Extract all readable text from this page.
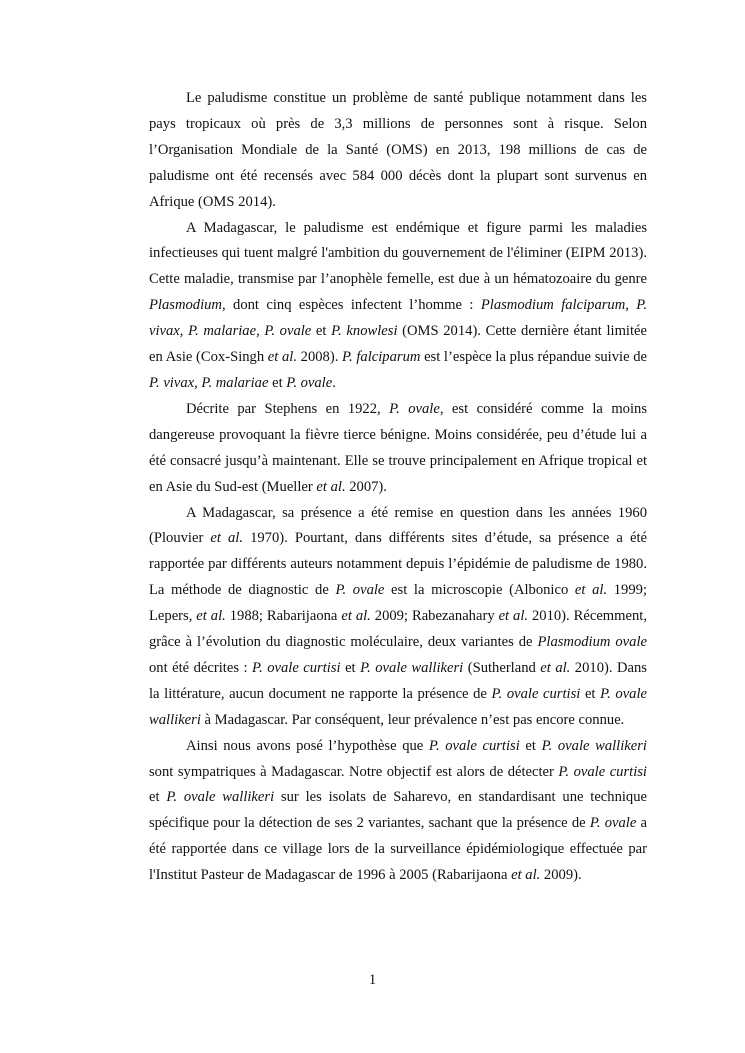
Le paludisme constitue un problème de santé publique notamment dans les pays tropicaux où près de 3,3 millions de personnes sont à risque. Selon l’Organisation Mondiale de la Santé (OMS) en 2013, 198 millions de cas de paludisme ont été recensés avec 584 000 décès dont la plupart sont survenus en Afrique (OMS 2014).

A Madagascar, le paludisme est endémique et figure parmi les maladies infectieuses qui tuent malgré l'ambition du gouvernement de l'éliminer (EIPM 2013). Cette maladie, transmise par l’anophèle femelle, est due à un hématozoaire du genre Plasmodium, dont cinq espèces infectent l’homme : Plasmodium falciparum, P. vivax, P. malariae, P. ovale et P. knowlesi (OMS 2014). Cette dernière étant limitée en Asie (Cox-Singh et al. 2008). P. falciparum est l’espèce la plus répandue suivie de P. vivax, P. malariae et P. ovale.

Décrite par Stephens en 1922, P. ovale, est considéré comme la moins dangereuse provoquant la fièvre tierce bénigne. Moins considérée, peu d’étude lui a été consacré jusqu’à maintenant. Elle se trouve principalement en Afrique tropical et en Asie du Sud-est (Mueller et al. 2007).

A Madagascar, sa présence a été remise en question dans les années 1960 (Plouvier et al. 1970). Pourtant, dans différents sites d’étude, sa présence a été rapportée par différents auteurs notamment depuis l’épidémie de paludisme de 1980. La méthode de diagnostic de P. ovale est la microscopie (Albonico et al. 1999; Lepers, et al. 1988; Rabarijaona et al. 2009; Rabezanahary et al. 2010). Récemment, grâce à l’évolution du diagnostic moléculaire, deux variantes de Plasmodium ovale ont été décrites : P. ovale curtisi et P. ovale wallikeri (Sutherland et al. 2010). Dans la littérature, aucun document ne rapporte la présence de P. ovale curtisi et P. ovale wallikeri à Madagascar. Par conséquent, leur prévalence n’est pas encore connue.

Ainsi nous avons posé l’hypothèse que P. ovale curtisi et P. ovale wallikeri sont sympatriques à Madagascar. Notre objectif est alors de détecter P. ovale curtisi et P. ovale wallikeri sur les isolats de Saharevo, en standardisant une technique spécifique pour la détection de ses 2 variantes, sachant que la présence de P. ovale a été rapportée dans ce village lors de la surveillance épidémiologique effectuée par l'Institut Pasteur de Madagascar de 1996 à 2005 (Rabarijaona et al. 2009).

1
